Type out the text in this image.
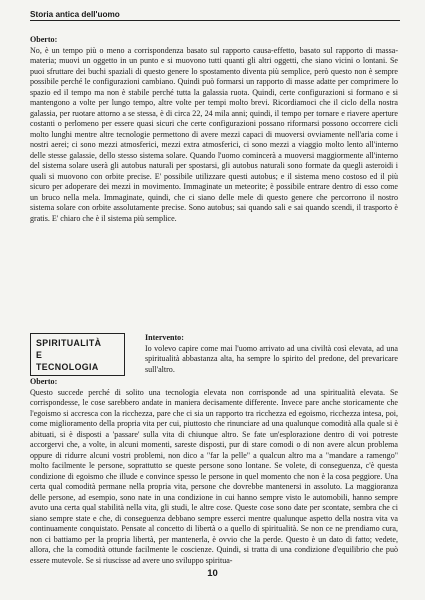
Storia antica dell'uomo

Oberto:
No, è un tempo più o meno a corrispondenza basato sul rapporto causa-effetto, basato sul rapporto di massa-materia; muovi un oggetto in un punto e si muovono tutti quanti gli altri oggetti, che siano vicini o lontani. Se puoi sfruttare dei buchi spaziali di questo genere lo spostamento diventa più semplice, però questo non è sempre possibile perché le configurazioni cambiano. Quindi può formarsi un rapporto di masse adatte per comprimere lo spazio ed il tempo ma non è stabile perché tutta la galassia ruota. Quindi, certe configurazioni si formano e si mantengono a volte per lungo tempo, altre volte per tempi molto brevi. Ricordiamoci che il ciclo della nostra galassia, per ruotare attorno a se stessa, è di circa 22, 24 mila anni; quindi, il tempo per tornare e riavere aperture costanti o perlomeno per essere quasi sicuri che certe configurazioni possano riformarsi possono occorrere cicli molto lunghi mentre altre tecnologie permettono di avere mezzi capaci di muoversi ovviamente nell'aria come i nostri aerei; ci sono mezzi atmosferici, mezzi extra atmosferici, ci sono mezzi a viaggio molto lento all'interno delle stesse galassie, dello stesso sistema solare. Quando l'uomo comincerà a muoversi maggiormente all'interno del sistema solare userà gli autobus naturali per spostarsi, gli autobus naturali sono formate da quegli asteroidi i quali si muovono con orbite precise. E' possibile utilizzare questi autobus; e il sistema meno costoso ed il più sicuro per adoperare dei mezzi in movimento. Immaginate un meteorite; è possibile entrare dentro di esso come un bruco nella mela. Immaginate, quindi, che ci siano delle mele di questo genere che percorrono il nostro sistema solare con orbite assolutamente precise. Sono autobus; sai quando sali e sai quando scendi, il trasporto è gratis. E' chiaro che è il sistema più semplice.

SPIRITUALITÀ
E
TECNOLOGIA

Intervento:
Io volevo capire come mai l'uomo arrivato ad una civiltà così elevata, ad una spiritualità abbastanza alta, ha sempre lo spirito del predone, del prevaricare sull'altro.

Oberto:
Questo succede perché di solito una tecnologia elevata non corrisponde ad una spiritualità elevata. Se corrispondesse, le cose sarebbero andate in maniera decisamente differente. Invece pare anche storicamente che l'egoismo si accresca con la ricchezza, pare che ci sia un rapporto tra ricchezza ed egoismo, ricchezza intesa, poi, come miglioramento della propria vita per cui, piuttosto che rinunciare ad una qualunque comodità alla quale si è abituati, si è disposti a 'passare' sulla vita di chiunque altro. Se fate un'esplorazione dentro di voi potreste accorgervi che, a volte, in alcuni momenti, sareste disposti, pur di stare comodi o di non avere alcun problema oppure di ridurre alcuni vostri problemi, non dico a "far la pelle" a qualcun altro ma a "mandare a ramengo" molto facilmente le persone, soprattutto se queste persone sono lontane. Se volete, di conseguenza, c'è questa condizione di egoismo che illude e convince spesso le persone in quel momento che non è la cosa peggiore. Una certa qual comodità permane nella propria vita, persone che dovrebbe mantenersi in assoluto. La maggioranza delle persone, ad esempio, sono nate in una condizione in cui hanno sempre visto le automobili, hanno sempre avuto una certa qual stabilità nella vita, gli studi, le altre cose. Queste cose sono date per scontate, sembra che ci siano sempre state e che, di conseguenza debbano sempre esserci mentre qualunque aspetto della nostra vita va continuamente conquistato. Pensate al concetto di libertà o a quello di spiritualità. Se non ce ne prendiamo cura, non ci battiamo per la propria libertà, per mantenerla, è ovvio che la perde. Questo è un dato di fatto; vedete, allora, che la comodità ottunde facilmente le coscienze. Quindi, si tratta di una condizione d'equilibrio che può essere mutevole. Se si riuscisse ad avere uno sviluppo spiritua-

10
